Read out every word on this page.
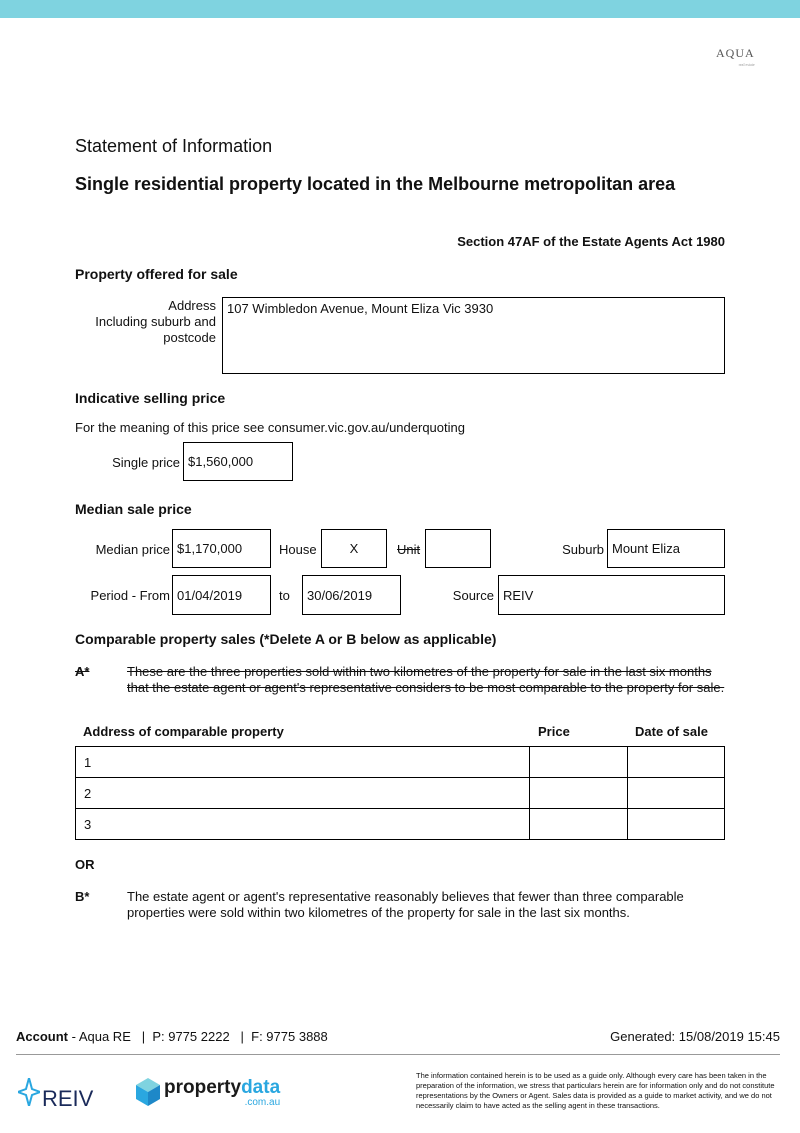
AQUA
real estate
Statement of Information
Single residential property located in the Melbourne metropolitan area
Section 47AF of the Estate Agents Act 1980
Property offered for sale
Address
Including suburb and
postcode
107 Wimbledon Avenue, Mount Eliza Vic 3930
Indicative selling price
For the meaning of this price see consumer.vic.gov.au/underquoting
Single price $1,560,000
Median sale price
Median price $1,170,000	House	X	Unit	Suburb Mount Eliza
Period - From 01/04/2019	to	30/06/2019	Source REIV
Comparable property sales (*Delete A or B below as applicable)
A*	These are the three properties sold within two kilometres of the property for sale in the last six months that the estate agent or agent's representative considers to be most comparable to the property for sale.
Address of comparable property	Price	Date of sale
1		
2		
3		
OR
B*	The estate agent or agent's representative reasonably believes that fewer than three comparable properties were sold within two kilometres of the property for sale in the last six months.
Account - Aqua RE   |  P: 9775 2222   |  F: 9775 3888	Generated: 15/08/2019 15:45
REIV	propertydata
.com.au
The information contained herein is to be used as a guide only. Although every care has been taken in the preparation of the information, we stress that particulars herein are for information only and do not constitute representations by the Owners or Agent. Sales data is provided as a guide to market activity, and we do not necessarily claim to have acted as the selling agent in these transactions.
